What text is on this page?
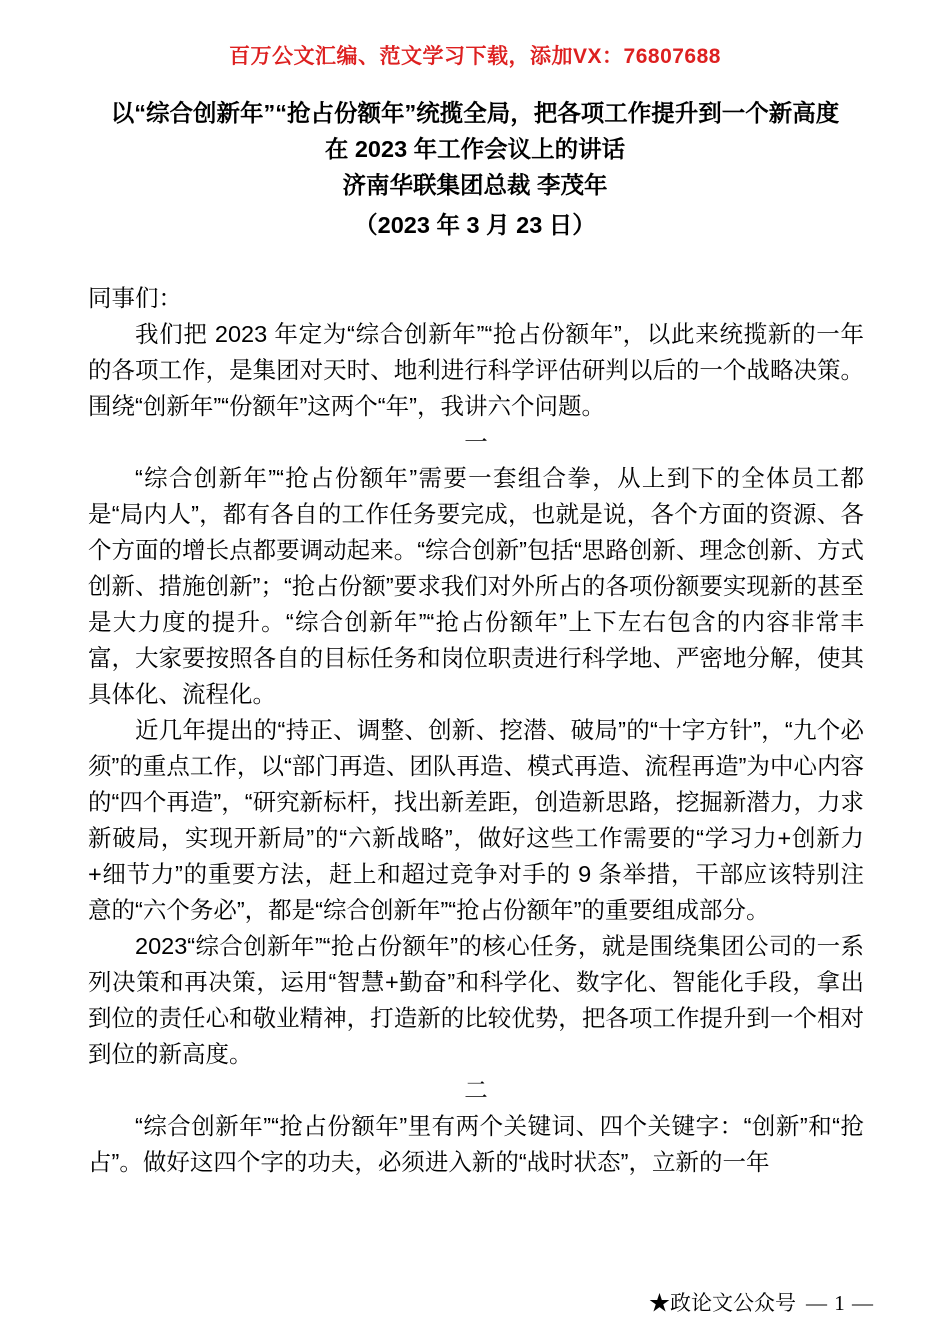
百万公文汇编、范文学习下载，添加VX：76807688
以“综合创新年”“抢占份额年”统揽全局，把各项工作提升到一个新高度
在 2023 年工作会议上的讲话
济南华联集团总裁 李茂年
（2023 年 3 月 23 日）
同事们：

我们把 2023 年定为“综合创新年”“抢占份额年”，以此来统揽新的一年的各项工作，是集团对天时、地利进行科学评估研判以后的一个战略决策。围绕“创新年”“份额年”这两个“年”，我讲六个问题。

一

“综合创新年”“抢占份额年”需要一套组合拳，从上到下的全体员工都是“局内人”，都有各自的工作任务要完成，也就是说，各个方面的资源、各个方面的增长点都要调动起来。“综合创新”包括“思路创新、理念创新、方式创新、措施创新”；“抢占份额”要求我们对外所占的各项份额要实现新的甚至是大力度的提升。“综合创新年”“抢占份额年”上下左右包含的内容非常丰富，大家要按照各自的目标任务和岗位职责进行科学地、严密地分解，使其具体化、流程化。

近几年提出的“持正、调整、创新、挖潜、破局”的“十字方针”，“九个必须”的重点工作，以“部门再造、团队再造、模式再造、流程再造”为中心内容的“四个再造”，“研究新标杆，找出新差距，创造新思路，挖掘新潜力，力求新破局，实现开新局”的“六新战略”，做好这些工作需要的“学习力+创新力+细节力”的重要方法，赶上和超过竞争对手的 9 条举措，干部应该特别注意的“六个务必”，都是“综合创新年”“抢占份额年”的重要组成部分。

2023“综合创新年”“抢占份额年”的核心任务，就是围绕集团公司的一系列决策和再决策，运用“智慧+勤奋”和科学化、数字化、智能化手段，拿出到位的责任心和敬业精神，打造新的比较优势，把各项工作提升到一个相对到位的新高度。

二

“综合创新年”“抢占份额年”里有两个关键词、四个关键字：“创新”和“抢占”。做好这四个字的功夫，必须进入新的“战时状态”，立新的一年

★政论文公众号 — 1 —
